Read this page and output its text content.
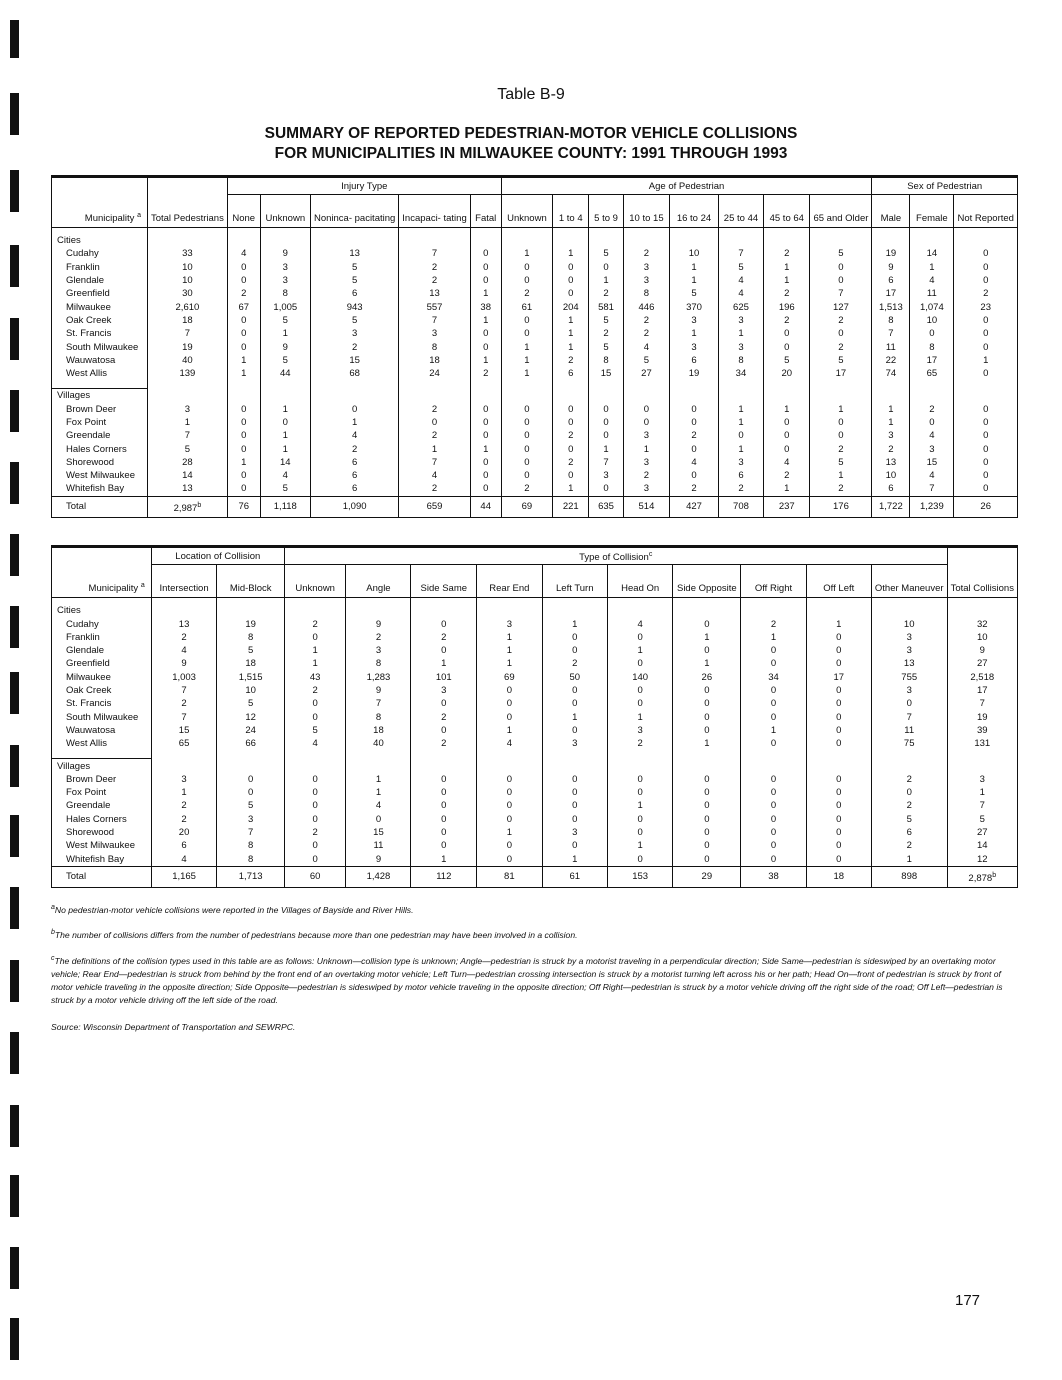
Table B-9
SUMMARY OF REPORTED PEDESTRIAN-MOTOR VEHICLE COLLISIONS
FOR MUNICIPALITIES IN MILWAUKEE COUNTY: 1991 THROUGH 1993
		Injury Type					Age of Pedestrian								Sex of Pedestrian		
Municipality $^a$	Total Pedestrians	None	Unknown	Noninca- pacitating	Incapaci- tating	Fatal	Unknown	1 to 4	5 to 9	10 to 15	16 to 24	25 to 44	45 to 64	65 and Older	Male	Female	Not Reported

Cities																	
Cudahy	33	4	9	13	7	0	1	1	5	2	10	7	2	5	19	14	0
Franklin	10	0	3	5	2	0	0	0	0	3	1	5	1	0	9	1	0
Glendale	10	0	3	5	2	0	0	0	1	3	1	4	1	0	6	4	0
Greenfield	30	2	8	6	13	1	2	0	2	8	5	4	2	7	17	11	2
Milwaukee	2,610	67	1,005	943	557	38	61	204	581	446	370	625	196	127	1,513	1,074	23
Oak Creek	18	0	5	5	7	1	0	1	5	2	3	3	2	2	8	10	0
St. Francis	7	0	1	3	3	0	0	1	2	2	1	1	0	0	7	0	0
South Milwaukee	19	0	9	2	8	0	1	1	5	4	3	3	0	2	11	8	0
Wauwatosa	40	1	5	15	18	1	1	2	8	5	6	8	5	5	22	17	1
West Allis	139	1	44	68	24	2	1	6	15	27	19	34	20	17	74	65	0

Villages																	
Brown Deer	3	0	1	0	2	0	0	0	0	0	0	1	1	1	1	2	0
Fox Point	1	0	0	1	0	0	0	0	0	0	0	1	0	0	1	0	0
Greendale	7	0	1	4	2	0	0	2	0	3	2	0	0	0	3	4	0
Hales Corners	5	0	1	2	1	1	0	0	1	1	0	1	0	2	2	3	0
Shorewood	28	1	14	6	7	0	0	2	7	3	4	3	4	5	13	15	0
West Milwaukee	14	0	4	6	4	0	0	0	3	2	0	6	2	1	10	4	0
Whitefish Bay	13	0	5	6	2	0	2	1	0	3	2	2	1	2	6	7	0
Total	2,987$^b$	76	1,118	1,090	659	44	69	221	635	514	427	708	237	176	1,722	1,239	26
	Location of Collision		Type of Collision$^c$	
Municipality $^a$	Intersection	Mid-Block	Unknown	Angle	Side Same	Rear End	Left Turn	Head On	Side Opposite	Off Right	Off Left	Other Maneuver	Total Collisions

Cities													
Cudahy	13	19	2	9	0	3	1	4	0	2	1	10	32
Franklin	2	8	0	2	2	1	0	0	1	1	0	3	10
Glendale	4	5	1	3	0	1	0	1	0	0	0	3	9
Greenfield	9	18	1	8	1	1	2	0	1	0	0	13	27
Milwaukee	1,003	1,515	43	1,283	101	69	50	140	26	34	17	755	2,518
Oak Creek	7	10	2	9	3	0	0	0	0	0	0	3	17
St. Francis	2	5	0	7	0	0	0	0	0	0	0	0	7
South Milwaukee	7	12	0	8	2	0	1	1	0	0	0	7	19
Wauwatosa	15	24	5	18	0	1	0	3	0	1	0	11	39
West Allis	65	66	4	40	2	4	3	2	1	0	0	75	131

Villages													
Brown Deer	3	0	0	1	0	0	0	0	0	0	0	2	3
Fox Point	1	0	0	1	0	0	0	0	0	0	0	0	1
Greendale	2	5	0	4	0	0	0	1	0	0	0	2	7
Hales Corners	2	3	0	0	0	0	0	0	0	0	0	5	5
Shorewood	20	7	2	15	0	1	3	0	0	0	0	6	27
West Milwaukee	6	8	0	11	0	0	0	1	0	0	0	2	14
Whitefish Bay	4	8	0	9	1	0	1	0	0	0	0	1	12
Total	1,165	1,713	60	1,428	112	81	61	153	29	38	18	898	2,878$^b$
$^a$No pedestrian-motor vehicle collisions were reported in the Villages of Bayside and River Hills.
$^b$The number of collisions differs from the number of pedestrians because more than one pedestrian may have been involved in a collision.
$^c$The definitions of the collision types used in this table are as follows: Unknown—collision type is unknown; Angle—pedestrian is struck by a motorist traveling in a perpendicular direction; Side Same—pedestrian is sideswiped by an overtaking motor vehicle; Rear End—pedestrian is struck from behind by the front end of an overtaking motor vehicle; Left Turn—pedestrian crossing intersection is struck by a motorist turning left across his or her path; Head On—front of pedestrian is struck by front of motor vehicle traveling in the opposite direction; Side Opposite—pedestrian is sideswiped by motor vehicle traveling in the opposite direction; Off Right—pedestrian is struck by a motor vehicle driving off the right side of the road; Off Left—pedestrian is struck by a motor vehicle driving off the left side of the road.
Source: Wisconsin Department of Transportation and SEWRPC.
177
